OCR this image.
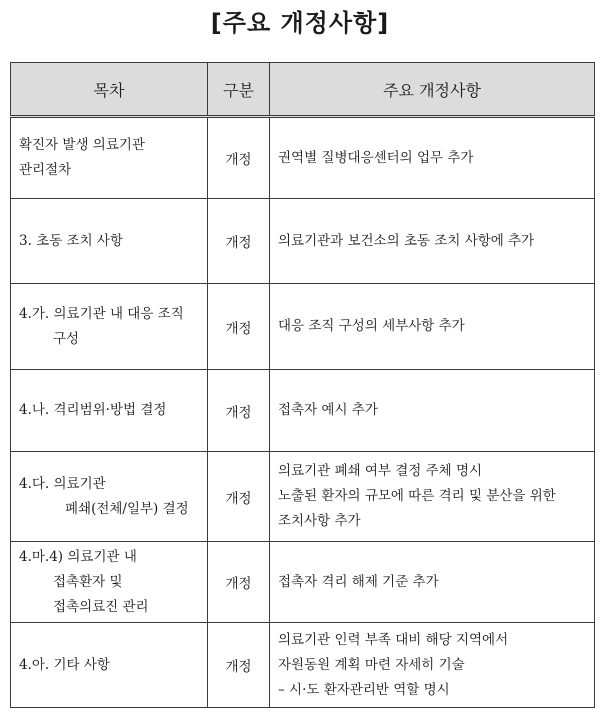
[주요 개정사항]
목차	구분	주요 개정사항

확진자 발생 의료기관
관리절차	개정	권역별 질병대응센터의 업무 추가

3. 초동 조치 사항	개정	의료기관과 보건소의 초동 조치 사항에 추가

4.가. 의료기관 내 대응 조직
구성	개정	대응 조직 구성의 세부사항 추가

4.나. 격리범위·방법 결정	개정	접촉자 예시 추가

4.다. 의료기관
폐쇄(전체/일부) 결정	개정	의료기관 폐쇄 여부 결정 주체 명시
노출된 환자의 규모에 따른 격리 및 분산을 위한
조치사항 추가

4.마.4) 의료기관 내
접촉환자 및
접촉의료진 관리	개정	접촉자 격리 해제 기준 추가

4.아. 기타 사항	개정	의료기관 인력 부족 대비 해당 지역에서
자원동원 계획 마련 자세히 기술
– 시·도 환자관리반 역할 명시
